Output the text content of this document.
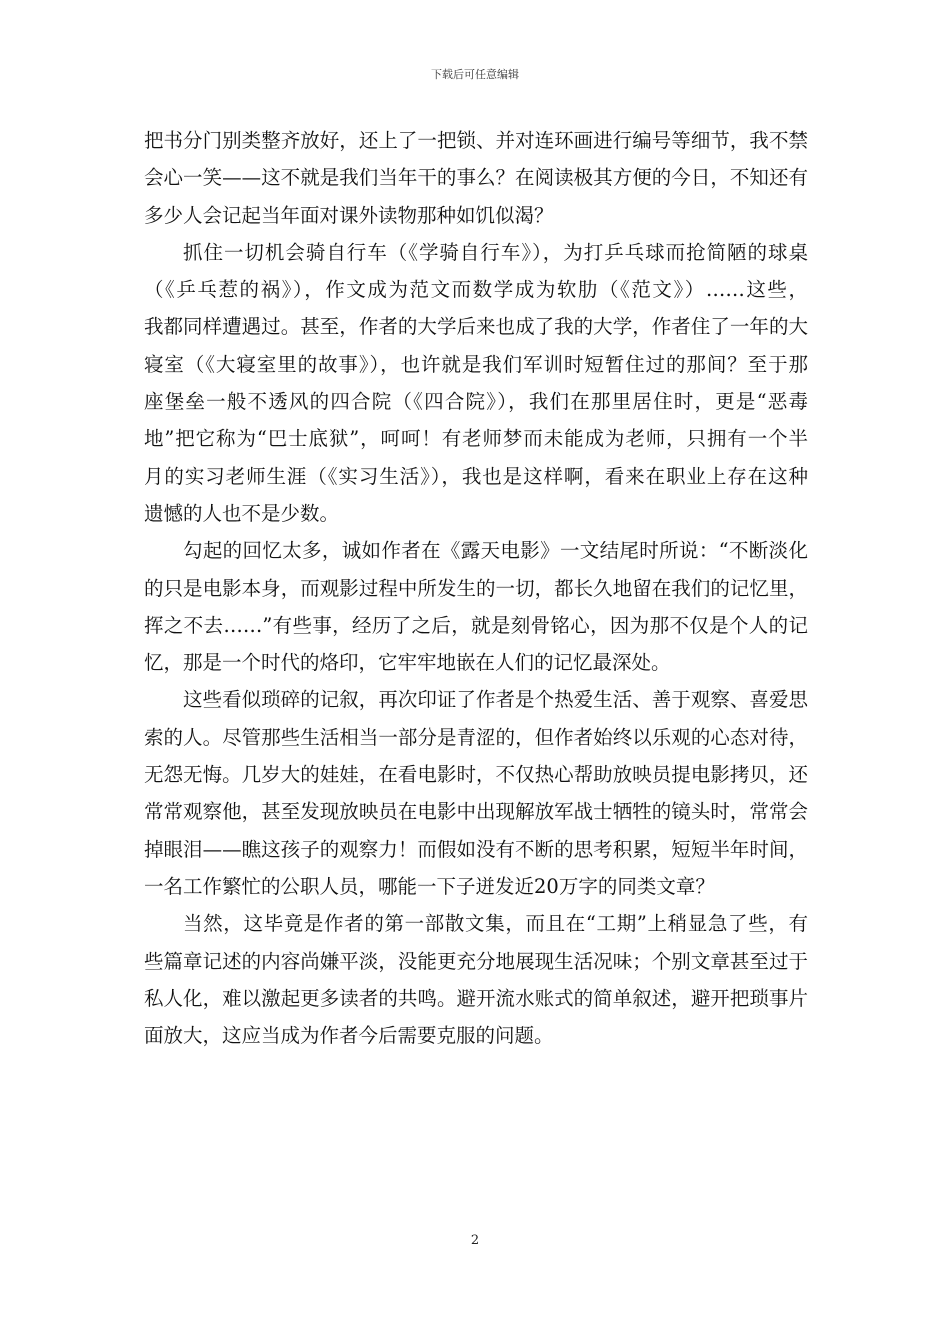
下载后可任意编辑
把书分门别类整齐放好，还上了一把锁、并对连环画进行编号等细节，我不禁
会心一笑——这不就是我们当年干的事么？在阅读极其方便的今日，不知还有
多少人会记起当年面对课外读物那种如饥似渴？
抓住一切机会骑自行车（《学骑自行车》），为打乒乓球而抢简陋的球桌
（《乒乓惹的祸》），作文成为范文而数学成为软肋（《范文》）……这些，
我都同样遭遇过。甚至，作者的大学后来也成了我的大学，作者住了一年的大
寝室（《大寝室里的故事》），也许就是我们军训时短暂住过的那间？至于那
座堡垒一般不透风的四合院（《四合院》），我们在那里居住时，更是“恶毒
地”把它称为“巴士底狱”，呵呵！有老师梦而未能成为老师，只拥有一个半
月的实习老师生涯（《实习生活》），我也是这样啊，看来在职业上存在这种
遗憾的人也不是少数。
勾起的回忆太多，诚如作者在《露天电影》一文结尾时所说：“不断淡化
的只是电影本身，而观影过程中所发生的一切，都长久地留在我们的记忆里，
挥之不去……”有些事，经历了之后，就是刻骨铭心，因为那不仅是个人的记
忆，那是一个时代的烙印，它牢牢地嵌在人们的记忆最深处。
这些看似琐碎的记叙，再次印证了作者是个热爱生活、善于观察、喜爱思
索的人。尽管那些生活相当一部分是青涩的，但作者始终以乐观的心态对待，
无怨无悔。几岁大的娃娃，在看电影时，不仅热心帮助放映员提电影拷贝，还
常常观察他，甚至发现放映员在电影中出现解放军战士牺牲的镜头时，常常会
掉眼泪——瞧这孩子的观察力！而假如没有不断的思考积累，短短半年时间，
一名工作繁忙的公职人员，哪能一下子迸发近20万字的同类文章？
当然，这毕竟是作者的第一部散文集，而且在“工期”上稍显急了些，有
些篇章记述的内容尚嫌平淡，没能更充分地展现生活况味；个别文章甚至过于
私人化，难以激起更多读者的共鸣。避开流水账式的简单叙述，避开把琐事片
面放大，这应当成为作者今后需要克服的问题。
2
